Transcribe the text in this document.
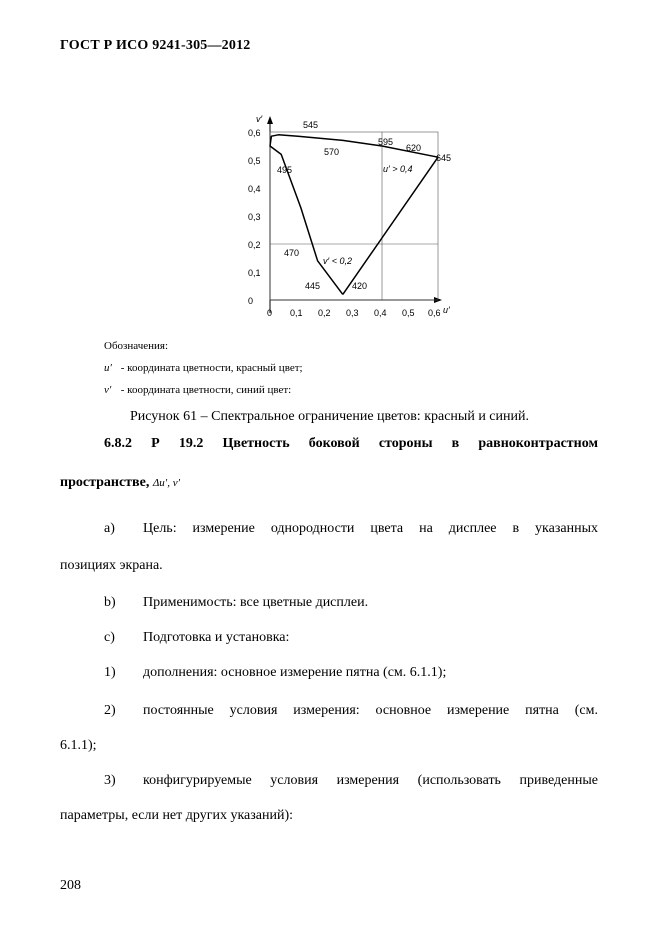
ГОСТ Р ИСО 9241-305—2012
v′
u′
0,6
0,5
0,4
0,3
0,2
0,1
0
0 0,1 0,2 0,3 0,4 0,5 0,6
545
570
595
620
645
495
470
445	420
u′ > 0,4
v′ < 0,2
Обозначения:
u′ - координата цветности, красный цвет;
v′ - координата цветности, синий цвет:
Рисунок 61 – Спектральное ограничение цветов: красный и синий.
6.8.2 Р 19.2 Цветность боковой стороны в равноконтрастном
пространстве, Δu′, v′
a) Цель: измерение однородности цвета на дисплее в указанных
позициях экрана.
b) Применимость: все цветные дисплеи.
c) Подготовка и установка:
1) дополнения: основное измерение пятна (см. 6.1.1);
2) постоянные условия измерения: основное измерение пятна (см.
6.1.1);
3) конфигурируемые условия измерения (использовать приведенные
параметры, если нет других указаний):
208
